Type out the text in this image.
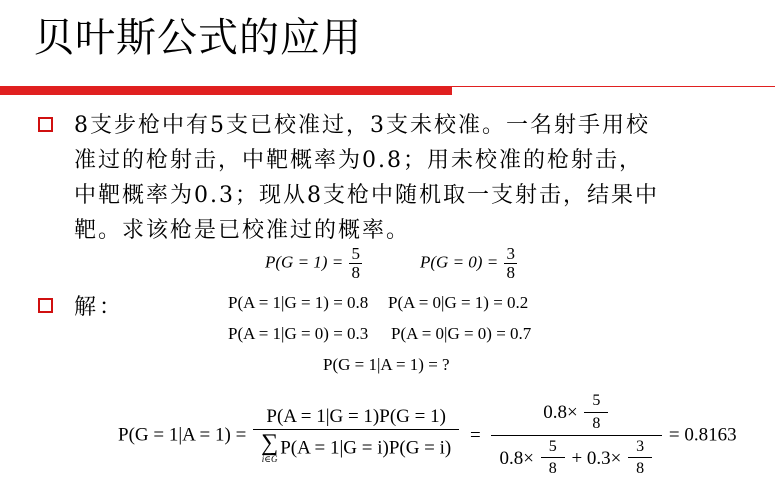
贝叶斯公式的应用
8支步枪中有5支已校准过，3支未校准。一名射手用校
准过的枪射击，中靶概率为0.8；用未校准的枪射击，
中靶概率为0.3；现从8支枪中随机取一支射击，结果中
靶。求该枪是已校准过的概率。
解：
$P(G = 1) = \frac{5}{8}$	$P(G = 0) = \frac{3}{8}$
P(A = 1|G = 1) = 0.8 P(A = 0|G = 1) = 0.2
P(A = 1|G = 0) = 0.3 P(A = 0|G = 0) = 0.7
P(G = 1|A = 1) = ?
P(G = 1|A = 1) = P(A = 1|G = 1)P(G = 1)
∑
i∈G
P(A = 1|G = i)P(G = i) =
$0.8\times \frac{5}{8}$
$0.8\times \frac{5}{8} + 0.3\times \frac{3}{8}$
= 0.8163
